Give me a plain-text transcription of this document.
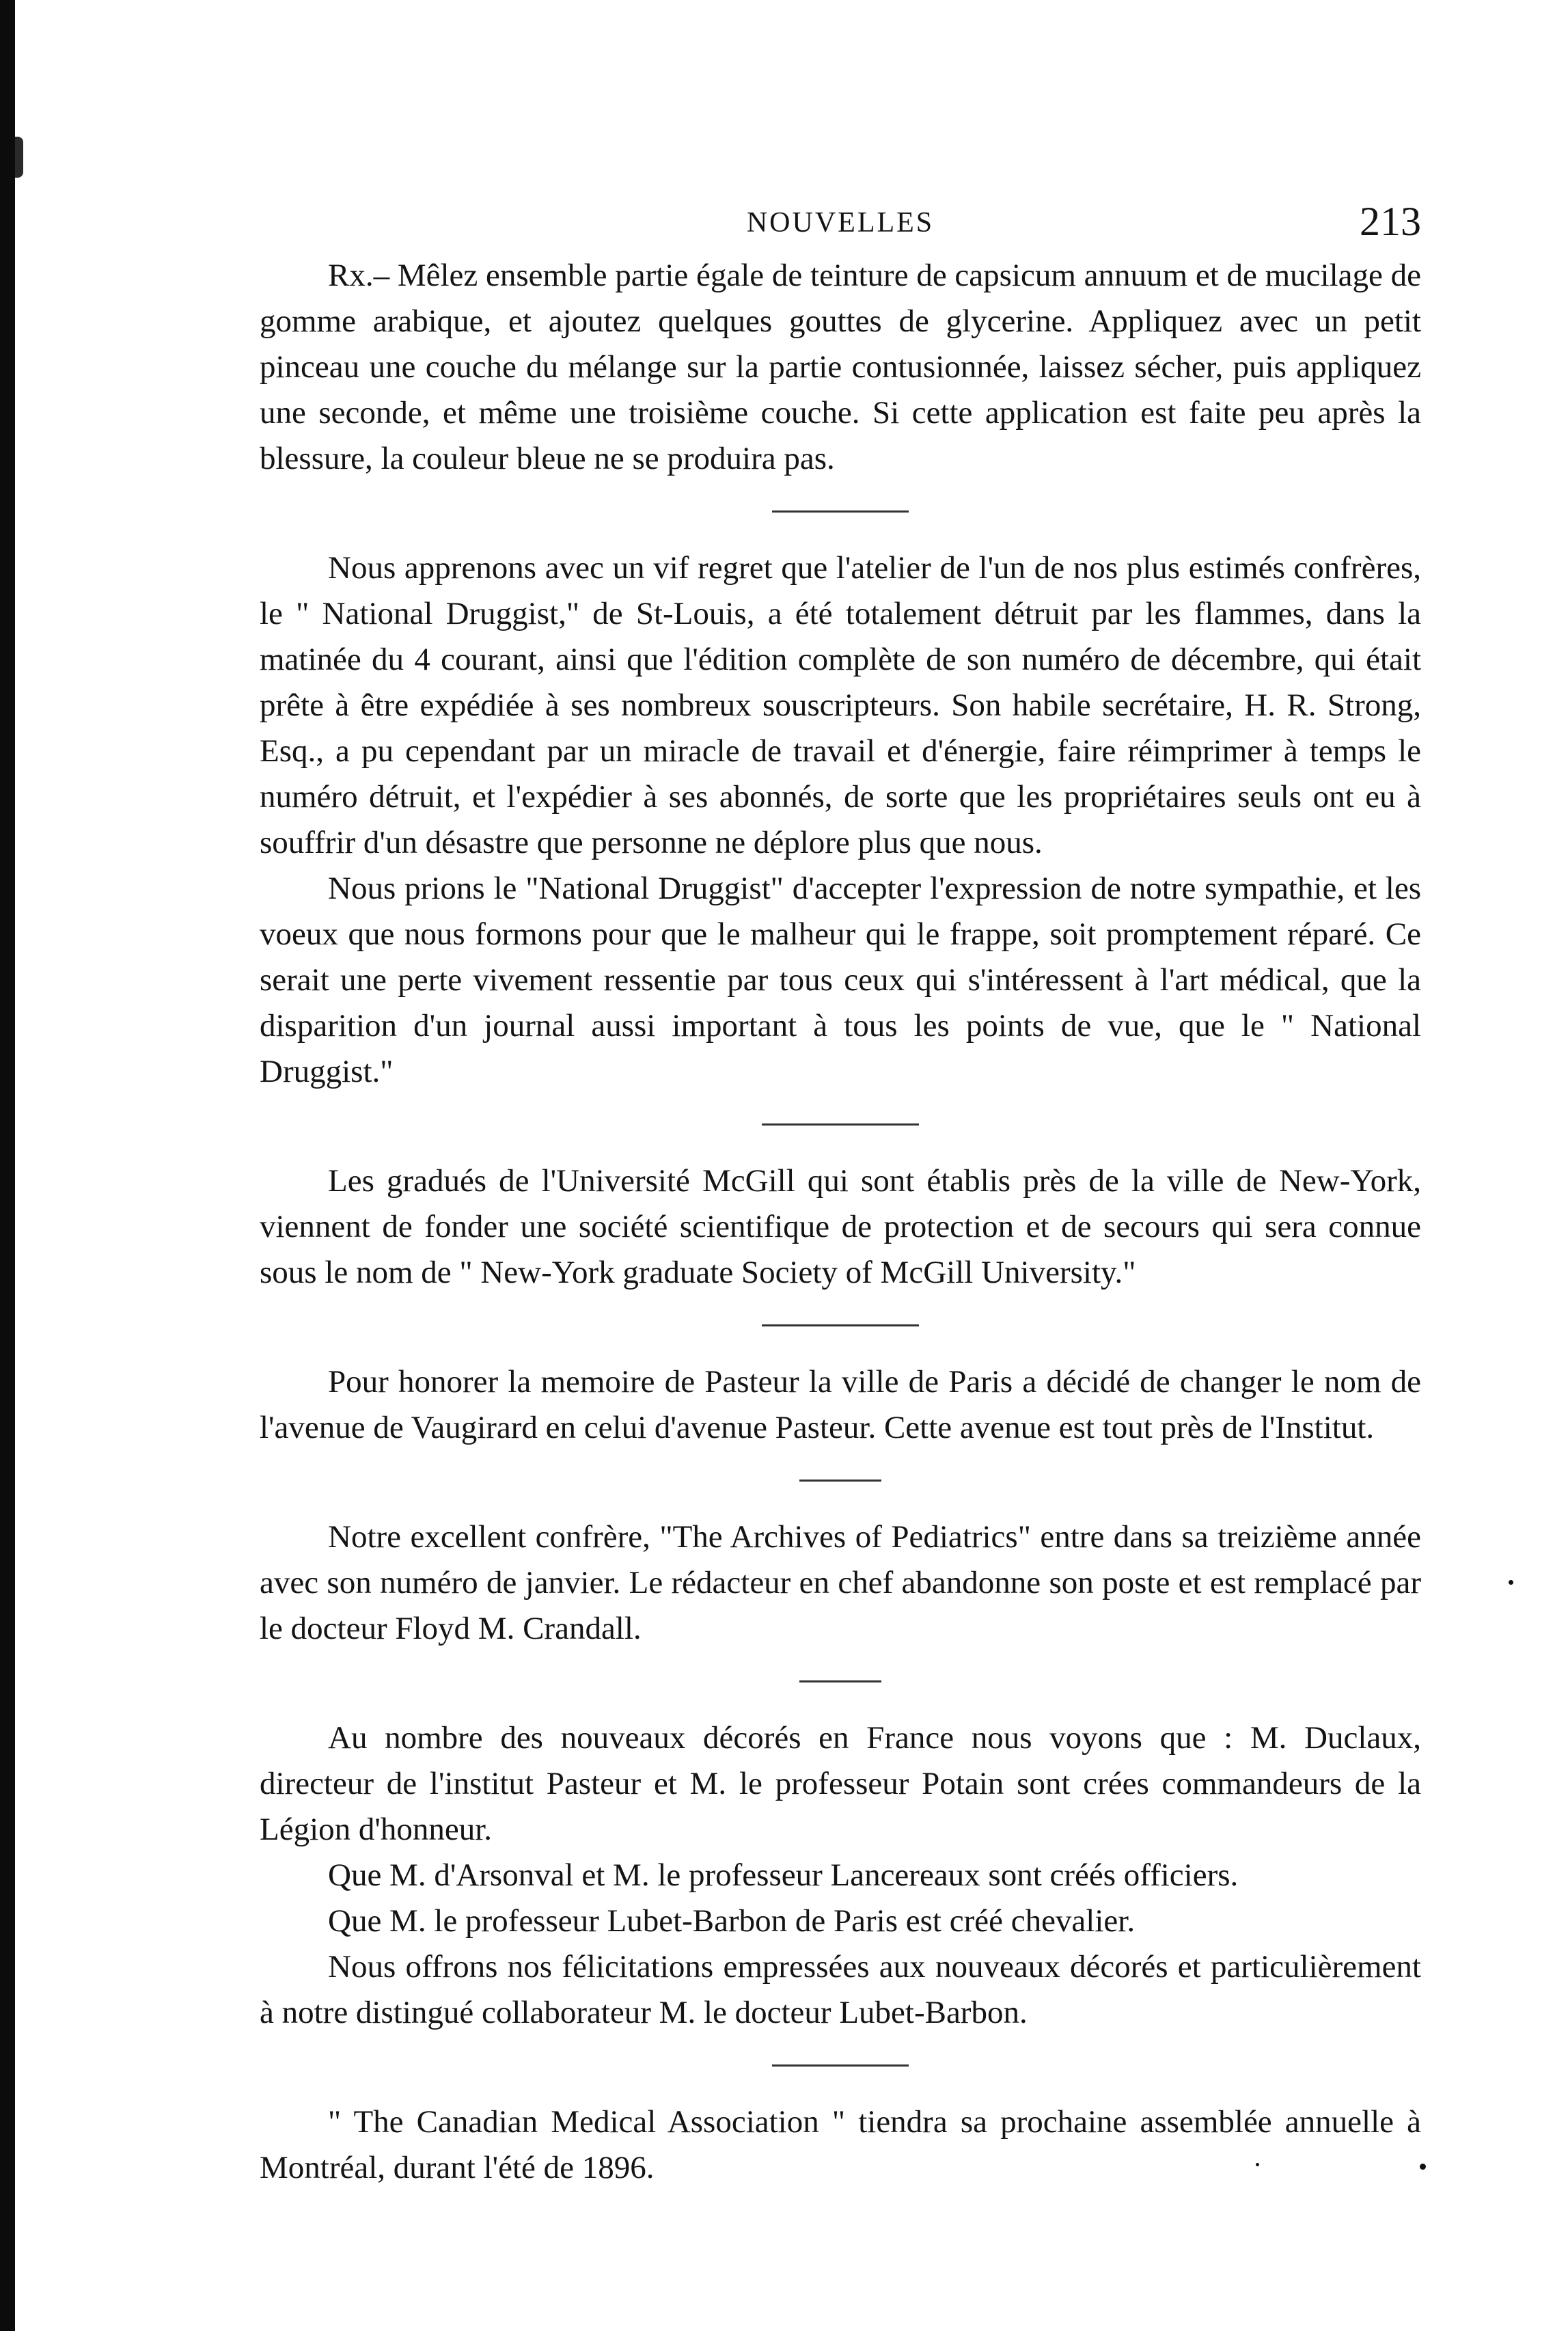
NOUVELLES	213

Rx.– Mêlez ensemble partie égale de teinture de capsicum annuum et de mucilage de gomme arabique, et ajoutez quelques gouttes de glycerine. Appliquez avec un petit pinceau une couche du mélange sur la partie contusionnée, laissez sécher, puis appliquez une seconde, et même une troisième couche. Si cette application est faite peu après la blessure, la couleur bleue ne se produira pas.

Nous apprenons avec un vif regret que l'atelier de l'un de nos plus estimés confrères, le " National Druggist," de St-Louis, a été totalement détruit par les flammes, dans la matinée du 4 courant, ainsi que l'édition complète de son numéro de décembre, qui était prête à être expédiée à ses nombreux souscripteurs. Son habile secrétaire, H. R. Strong, Esq., a pu cependant par un miracle de travail et d'énergie, faire réimprimer à temps le numéro détruit, et l'expédier à ses abonnés, de sorte que les propriétaires seuls ont eu à souffrir d'un désastre que personne ne déplore plus que nous.

Nous prions le "National Druggist" d'accepter l'expression de notre sympathie, et les voeux que nous formons pour que le malheur qui le frappe, soit promptement réparé. Ce serait une perte vivement ressentie par tous ceux qui s'intéressent à l'art médical, que la disparition d'un journal aussi important à tous les points de vue, que le " National Druggist."

Les gradués de l'Université McGill qui sont établis près de la ville de New-York, viennent de fonder une société scientifique de protection et de secours qui sera connue sous le nom de " New-York graduate Society of McGill University."

Pour honorer la memoire de Pasteur la ville de Paris a décidé de changer le nom de l'avenue de Vaugirard en celui d'avenue Pasteur. Cette avenue est tout près de l'Institut.

Notre excellent confrère, "The Archives of Pediatrics" entre dans sa treizième année avec son numéro de janvier. Le rédacteur en chef abandonne son poste et est remplacé par le docteur Floyd M. Crandall.

Au nombre des nouveaux décorés en France nous voyons que : M. Duclaux, directeur de l'institut Pasteur et M. le professeur Potain sont crées commandeurs de la Légion d'honneur.

Que M. d'Arsonval et M. le professeur Lancereaux sont créés officiers.

Que M. le professeur Lubet-Barbon de Paris est créé chevalier.

Nous offrons nos félicitations empressées aux nouveaux décorés et particulièrement à notre distingué collaborateur M. le docteur Lubet-Barbon.

" The Canadian Medical Association " tiendra sa prochaine assemblée annuelle à Montréal, durant l'été de 1896.
